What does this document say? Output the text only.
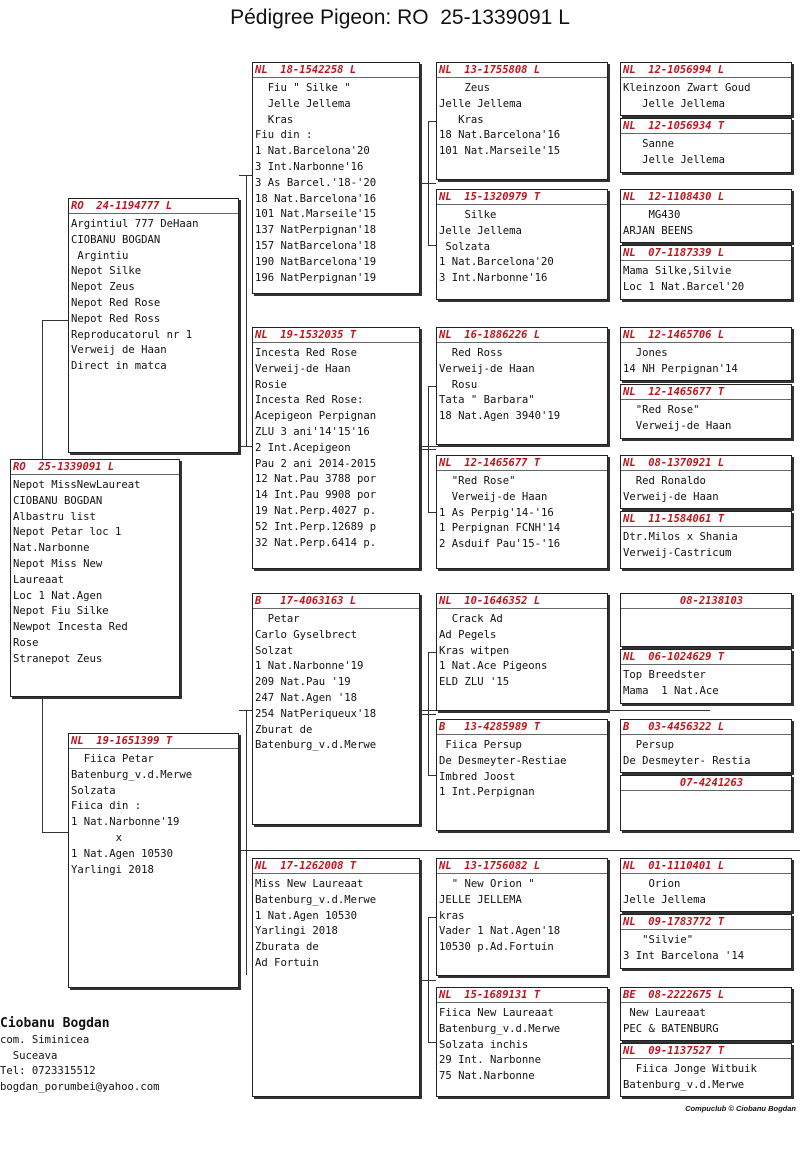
Pédigree Pigeon: RO  25-1339091 L
RO  25-1339091 L
Nepot MissNewLaureat
CIOBANU BOGDAN
Albastru list
Nepot Petar loc 1
Nat.Narbonne
Nepot Miss New
Laureaat
Loc 1 Nat.Agen
Nepot Fiu Silke
Newpot Incesta Red
Rose
Stranepot Zeus
RO  24-1194777 L
Argintiul 777 DeHaan
CIOBANU BOGDAN
Argintiu
Nepot Silke
Nepot Zeus
Nepot Red Rose
Nepot Red Ross
Reproducatorul nr 1
Verweij de Haan
Direct in matca
NL  19-1651399 T
Fiica Petar
Batenburg_v.d.Merwe
Solzata
Fiica din :
1 Nat.Narbonne'19
x
1 Nat.Agen 10530
Yarlingi 2018
NL  18-1542258 L
Fiu " Silke "
Jelle Jellema
Kras
Fiu din :
1 Nat.Barcelona'20
3 Int.Narbonne'16
3 As Barcel.'18-'20
18 Nat.Barcelona'16
101 Nat.Marseile'15
137 NatPerpignan'18
157 NatBarcelona'18
190 NatBarcelona'19
196 NatPerpignan'19
NL  19-1532035 T
Incesta Red Rose
Verweij-de Haan
Rosie
Incesta Red Rose:
Acepigeon Perpignan
ZLU 3 ani'14'15'16
2 Int.Acepigeon
Pau 2 ani 2014-2015
12 Nat.Pau 3788 por
14 Int.Pau 9908 por
19 Nat.Perp.4027 p.
52 Int.Perp.12689 p
32 Nat.Perp.6414 p.
B   17-4063163 L
Petar
Carlo Gyselbrect
Solzat
1 Nat.Narbonne'19
209 Nat.Pau '19
247 Nat.Agen '18
254 NatPeriqueux'18
Zburat de
Batenburg_v.d.Merwe
NL  17-1262008 T
Miss New Laureaat
Batenburg_v.d.Merwe
1 Nat.Agen 10530
Yarlingi 2018
Zburata de
Ad Fortuin
NL  13-1755808 L
Zeus
Jelle Jellema
Kras
18 Nat.Barcelona'16
101 Nat.Marseile'15
NL  15-1320979 T
Silke
Jelle Jellema
Solzata
1 Nat.Barcelona'20
3 Int.Narbonne'16
NL  16-1886226 L
Red Ross
Verweij-de Haan
Rosu
Tata " Barbara"
18 Nat.Agen 3940'19
NL  12-1465677 T
"Red Rose"
Verweij-de Haan
1 As Perpig'14-'16
1 Perpignan FCNH'14
2 Asduif Pau'15-'16
NL  10-1646352 L
Crack Ad
Ad Pegels
Kras witpen
1 Nat.Ace Pigeons
ELD ZLU '15
B   13-4285989 T
Fiica Persup
De Desmeyter-Restiae
Imbred Joost
1 Int.Perpignan
NL  13-1756082 L
" New Orion "
JELLE JELLEMA
kras
Vader 1 Nat.Agen'18
10530 p.Ad.Fortuin
NL  15-1689131 T
Fiica New Laureaat
Batenburg_v.d.Merwe
Solzata inchis
29 Int. Narbonne
75 Nat.Narbonne
NL  12-1056994 L
Kleinzoon Zwart Goud
Jelle Jellema
NL  12-1056934 T
Sanne
Jelle Jellema
NL  12-1108430 L
MG430
ARJAN BEENS
NL  07-1187339 L
Mama Silke,Silvie
Loc 1 Nat.Barcel'20
NL  12-1465706 L
Jones
14 NH Perpignan'14
NL  12-1465677 T
"Red Rose"
Verweij-de Haan
NL  08-1370921 L
Red Ronaldo
Verweij-de Haan
NL  11-1584061 T
Dtr.Milos x Shania
Verweij-Castricum
08-2138103
NL  06-1024629 T
Top Breedster
Mama  1 Nat.Ace
B   03-4456322 L
Persup
De Desmeyter- Restia
07-4241263
NL  01-1110401 L
Orion
Jelle Jellema
NL  09-1783772 T
"Silvie"
3 Int Barcelona '14
BE  08-2222675 L
New Laureaat
PEC & BATENBURG
NL  09-1137527 T
Fiica Jonge Witbuik
Batenburg_v.d.Merwe
Ciobanu Bogdan
com. Siminicea
Suceava
Tel: 0723315512
bogdan_porumbei@yahoo.com
Compuclub © Ciobanu Bogdan
